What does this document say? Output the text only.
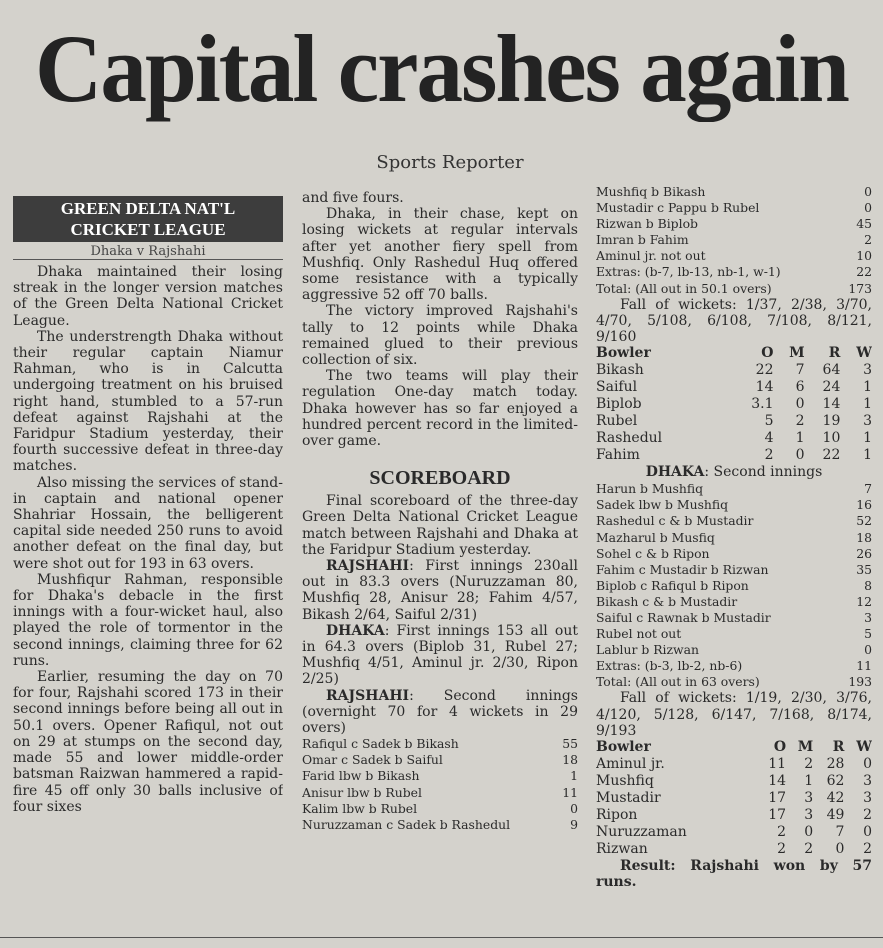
Capital crashes again
Sports Reporter
GREEN DELTA NAT'L
CRICKET LEAGUE
Dhaka v Rajshahi

Dhaka maintained their losing streak in the longer version matches of the Green Delta National Cricket League.

The understrength Dhaka without their regular captain Niamur Rahman, who is in Calcutta undergoing treatment on his bruised right hand, stumbled to a 57-run defeat against Rajshahi at the Faridpur Stadium yesterday, their fourth successive defeat in three-day matches.

Also missing the services of stand-in captain and national opener Shahriar Hossain, the belligerent capital side needed 250 runs to avoid another defeat on the final day, but were shot out for 193 in 63 overs.

Mushfiqur Rahman, responsible for Dhaka's debacle in the first innings with a four-wicket haul, also played the role of tormentor in the second innings, claiming three for 62 runs.

Earlier, resuming the day on 70 for four, Rajshahi scored 173 in their second innings before being all out in 50.1 overs. Opener Rafiqul, not out on 29 at stumps on the second day, made 55 and lower middle-order batsman Raizwan hammered a rapid-fire 45 off only 30 balls inclusive of four sixes

and five fours.

Dhaka, in their chase, kept on losing wickets at regular intervals after yet another fiery spell from Mushfiq. Only Rashedul Huq offered some resistance with a typically aggressive 52 off 70 balls.

The victory improved Rajshahi's tally to 12 points while Dhaka remained glued to their previous collection of six.

The two teams will play their regulation One-day match today. Dhaka however has so far enjoyed a hundred percent record in the limited-over game.

SCOREBOARD

Final scoreboard of the three-day Green Delta National Cricket League match between Rajshahi and Dhaka at the Faridpur Stadium yesterday.

RAJSHAHI: First innings 230all out in 83.3 overs (Nuruzzaman 80, Mushfiq 28, Anisur 28; Fahim 4/57, Bikash 2/64, Saiful 2/31)

DHAKA: First innings 153 all out in 64.3 overs (Biplob 31, Rubel 27; Mushfiq 4/51, Aminul jr. 2/30, Ripon 2/25)

RAJSHAHI: Second innings (overnight 70 for 4 wickets in 29 overs)

Rafiqul c Sadek b Bikash	55
Omar c Sadek b Saiful	18
Farid lbw b Bikash	1
Anisur lbw b Rubel	11
Kalim lbw b Rubel	0
Nuruzzaman c Sadek b Rashedul	9
Mushfiq b Bikash	0
Mustadir c Pappu b Rubel	0
Rizwan b Biplob	45
Imran b Fahim	2
Aminul jr. not out	10
Extras: (b-7, lb-13, nb-1, w-1)	22
Total: (All out in 50.1 overs)	173

Fall of wickets: 1/37, 2/38, 3/70, 4/70, 5/108, 6/108, 7/108, 8/121, 9/160

Bowler	O	M	R	W
Bikash	22	7	64	3
Saiful	14	6	24	1
Biplob	3.1	0	14	1
Rubel	5	2	19	3
Rashedul	4	1	10	1
Fahim	2	0	22	1
DHAKA: Second innings
Harun b Mushfiq	7
Sadek lbw b Mushfiq	16
Rashedul c & b Mustadir	52
Mazharul b Musfiq	18
Sohel c & b Ripon	26
Fahim c Mustadir b Rizwan	35
Biplob c Rafiqul b Ripon	8
Bikash c & b Mustadir	12
Saiful c Rawnak b Mustadir	3
Rubel not out	5
Lablur b Rizwan	0
Extras: (b-3, lb-2, nb-6)	11
Total: (All out in 63 overs)	193

Fall of wickets: 1/19, 2/30, 3/76, 4/120, 5/128, 6/147, 7/168, 8/174, 9/193

Bowler	O	M	R	W
Aminul jr.	11	2	28	0
Mushfiq	14	1	62	3
Mustadir	17	3	42	3
Ripon	17	3	49	2
Nuruzzaman	2	0	7	0
Rizwan	2	2	0	2

Result: Rajshahi won by 57 runs.
